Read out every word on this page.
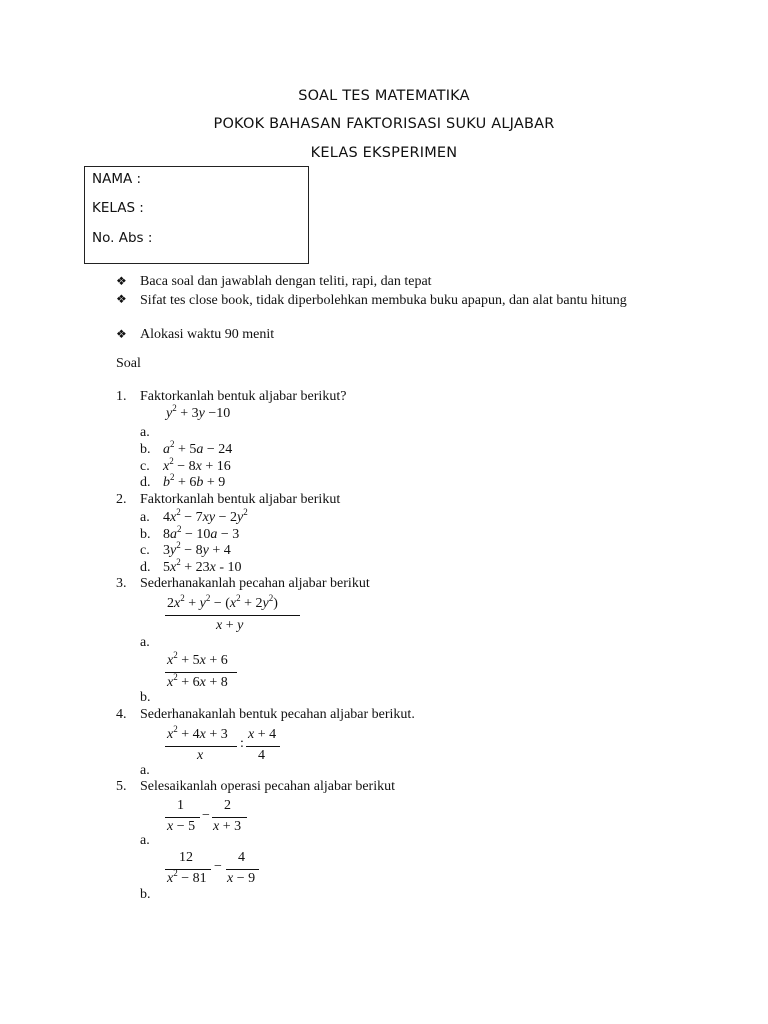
SOAL TES MATEMATIKA
POKOK BAHASAN FAKTORISASI SUKU ALJABAR
KELAS EKSPERIMEN
NAMA :
KELAS :
No. Abs :
❖ Baca soal dan jawablah dengan teliti, rapi, dan tepat
❖ Sifat tes close book, tidak diperbolehkan membuka buku apapun, dan alat bantu hitung
❖ Alokasi waktu 90 menit
Soal
1. Faktorkanlah bentuk aljabar berikut?
$y^2 + 3y -10$
a.
b. $a^2 + 5a - 24$
c. $x^2 - 8x + 16$
d. $b^2 + 6b + 9$
2. Faktorkanlah bentuk aljabar berikut
a. $4x^2 - 7xy - 2y^2$
b. $8a^2 - 10a - 3$
c. $3y^2 - 8y + 4$
d. $5x^2 + 23x - 10$
3. Sederhanakanlah pecahan aljabar berikut
$2x^2 + y^2 - (x^2 + 2y^2)$
x + y
a.
$x^2 + 5x + 6$
$x^2 + 6x + 8$
b.
4. Sederhanakanlah bentuk pecahan aljabar berikut.
$x^2 + 4x + 3$
x
:
x + 4
4
a.
5. Selesaikanlah operasi pecahan aljabar berikut
1
x − 5
−
2
x + 3
a.
12
$x^2 - 81$
−
4
x − 9
b.
